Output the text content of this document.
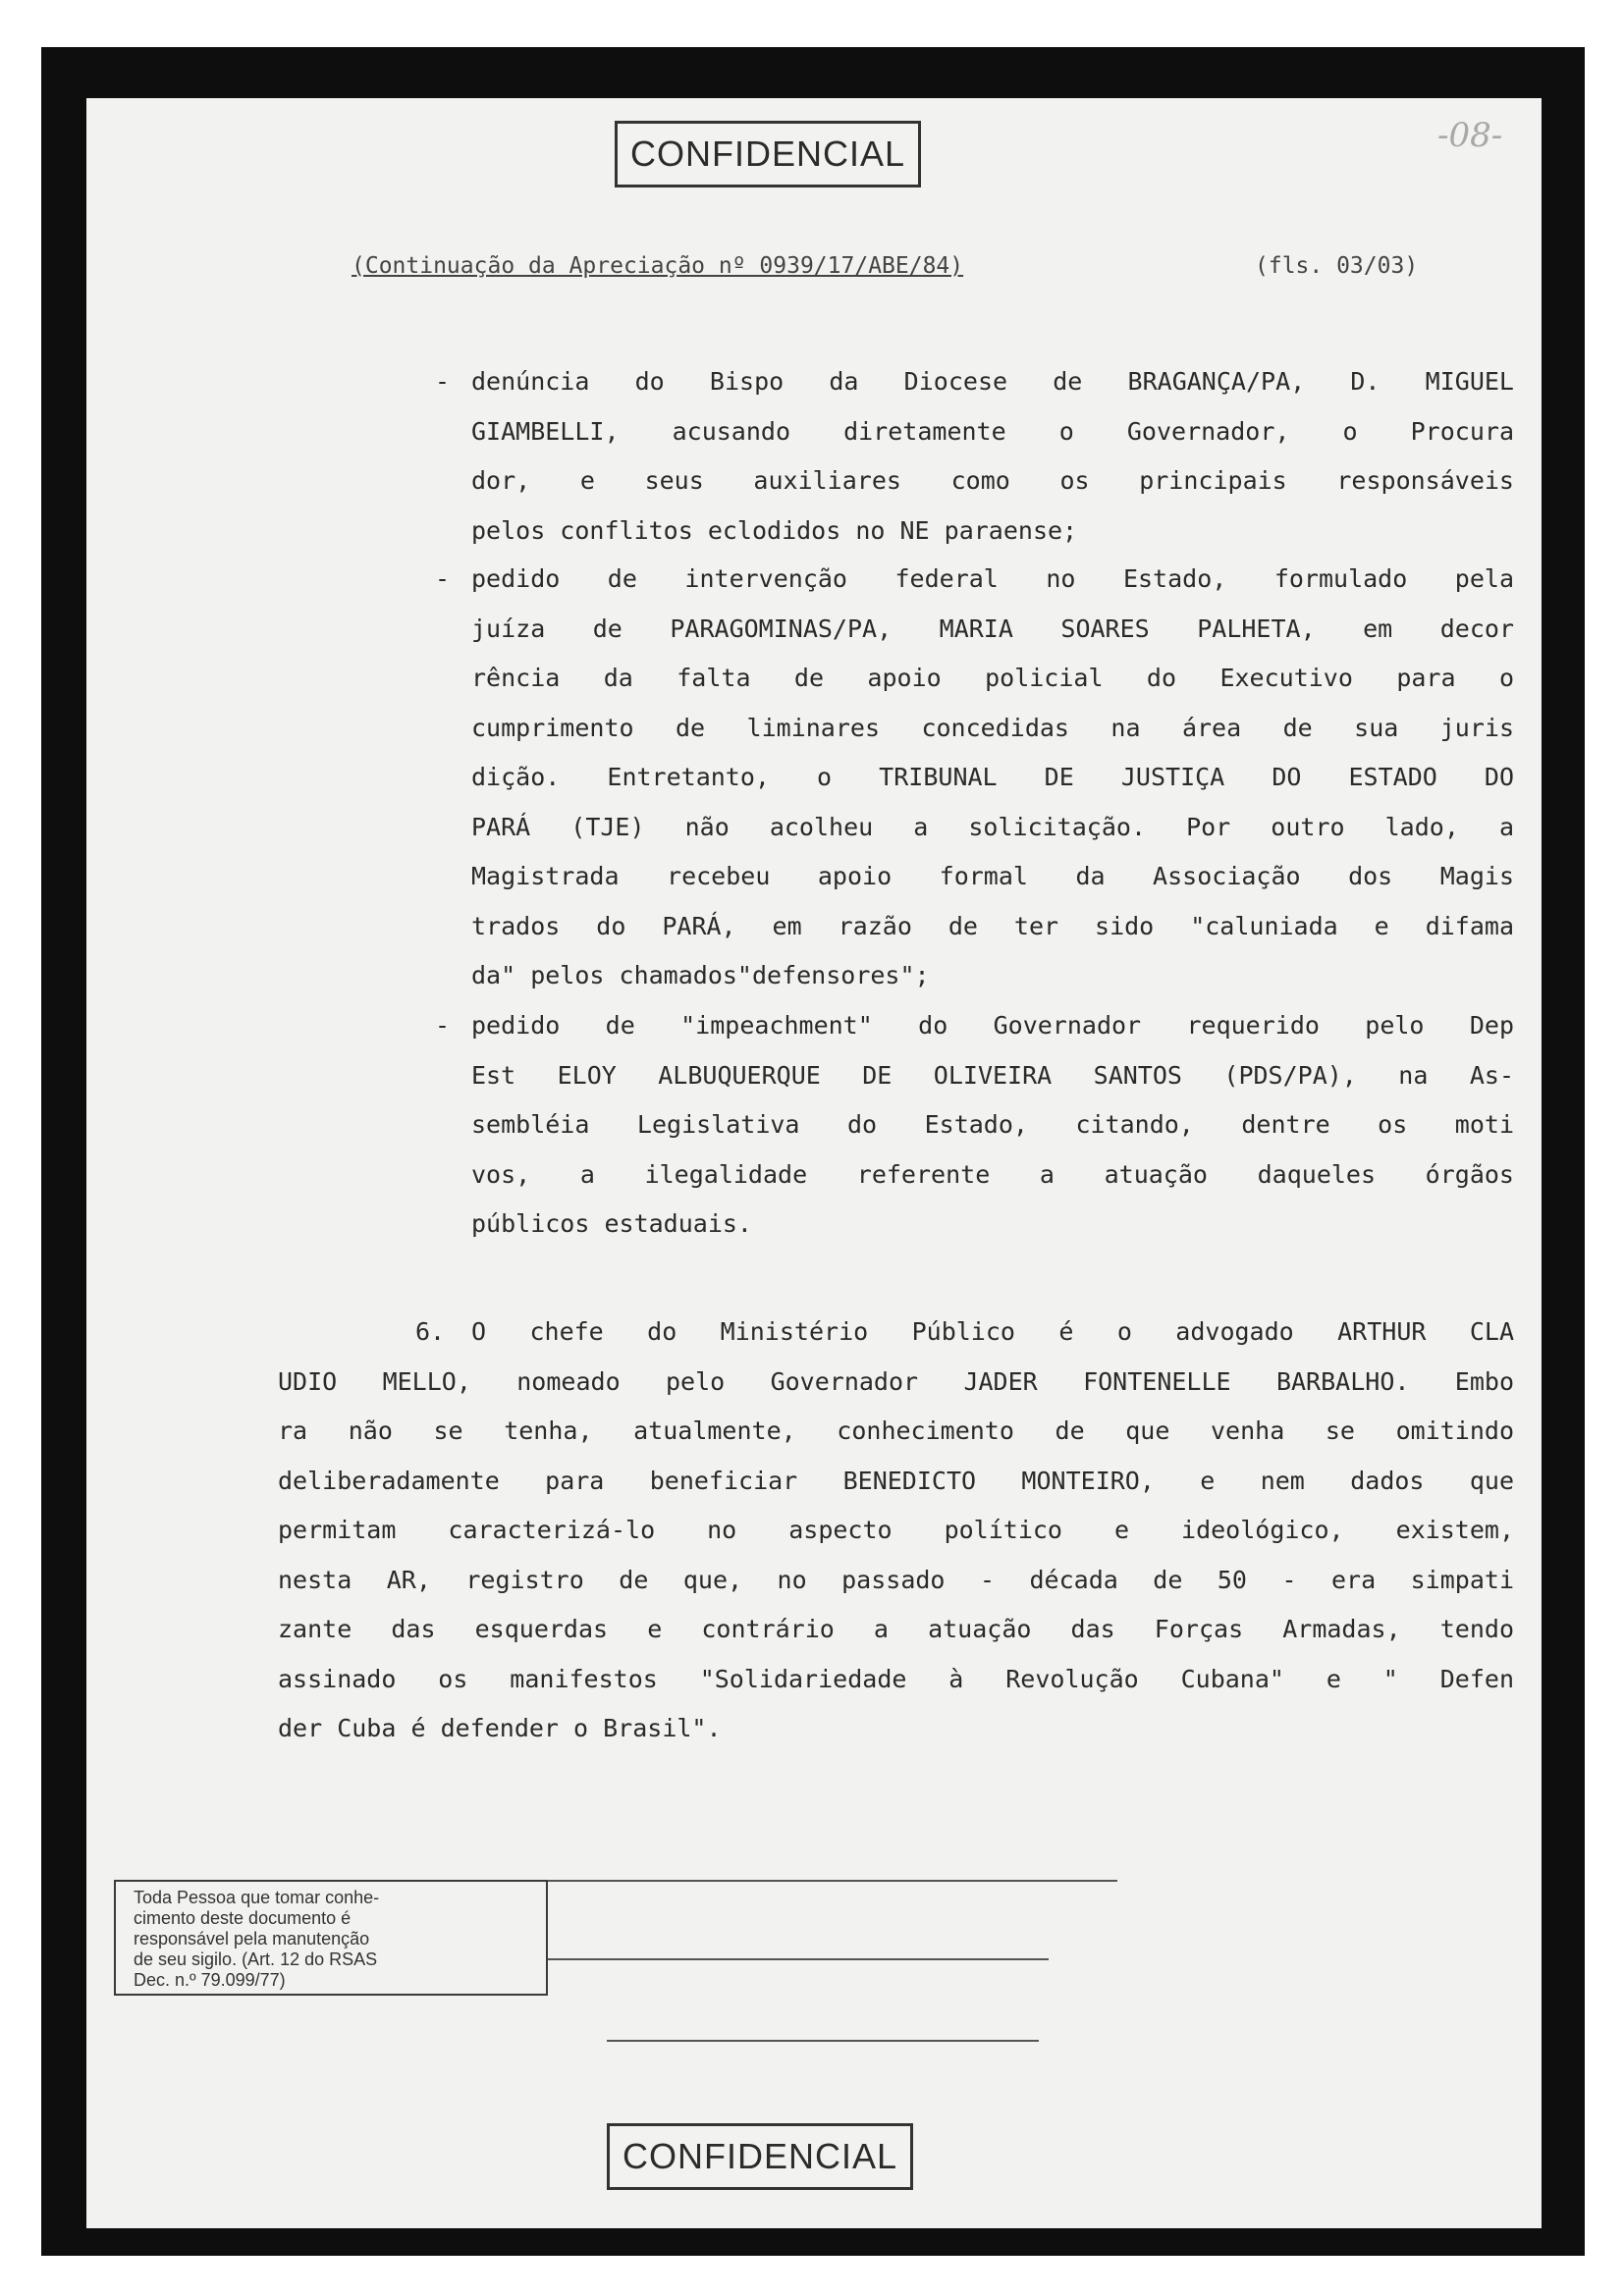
CONFIDENCIAL	-08-
(Continuação da Apreciação nº 0939/17/ABE/84)	(fls. 03/03)
- denúncia do Bispo da Diocese de BRAGANÇA/PA, D. MIGUEL
GIAMBELLI, acusando diretamente o Governador, o Procura
dor, e seus auxiliares como os principais responsáveis
pelos conflitos eclodidos no NE paraense;
- pedido de intervenção federal no Estado, formulado pela
juíza de PARAGOMINAS/PA, MARIA SOARES PALHETA, em decor
rência da falta de apoio policial do Executivo para o
cumprimento de liminares concedidas na área de sua juris
dição. Entretanto, o TRIBUNAL DE JUSTIÇA DO ESTADO DO
PARÁ (TJE) não acolheu a solicitação. Por outro lado, a
Magistrada recebeu apoio formal da Associação dos Magis
trados do PARÁ, em razão de ter sido "caluniada e difama
da" pelos chamados"defensores";
- pedido de "impeachment" do Governador requerido pelo Dep
Est ELOY ALBUQUERQUE DE OLIVEIRA SANTOS (PDS/PA), na As-
sembléia Legislativa do Estado, citando, dentre os moti
vos, a ilegalidade referente a atuação daqueles órgãos
públicos estaduais.
6. O chefe do Ministério Público é o advogado ARTHUR CLA
UDIO MELLO, nomeado pelo Governador JADER FONTENELLE BARBALHO. Embo
ra não se tenha, atualmente, conhecimento de que venha se omitindo
deliberadamente para beneficiar BENEDICTO MONTEIRO, e nem dados que
permitam caracterizá-lo no aspecto político e ideológico, existem,
nesta AR, registro de que, no passado - década de 50 - era simpati
zante das esquerdas e contrário a atuação das Forças Armadas, tendo
assinado os manifestos "Solidariedade à Revolução Cubana" e " Defen
der Cuba é defender o Brasil".
Toda Pessoa que tomar conhe-
cimento deste documento é
responsável pela manutenção
de seu sigilo. (Art. 12 do RSAS
Dec. n.º 79.099/77)
CONFIDENCIAL
